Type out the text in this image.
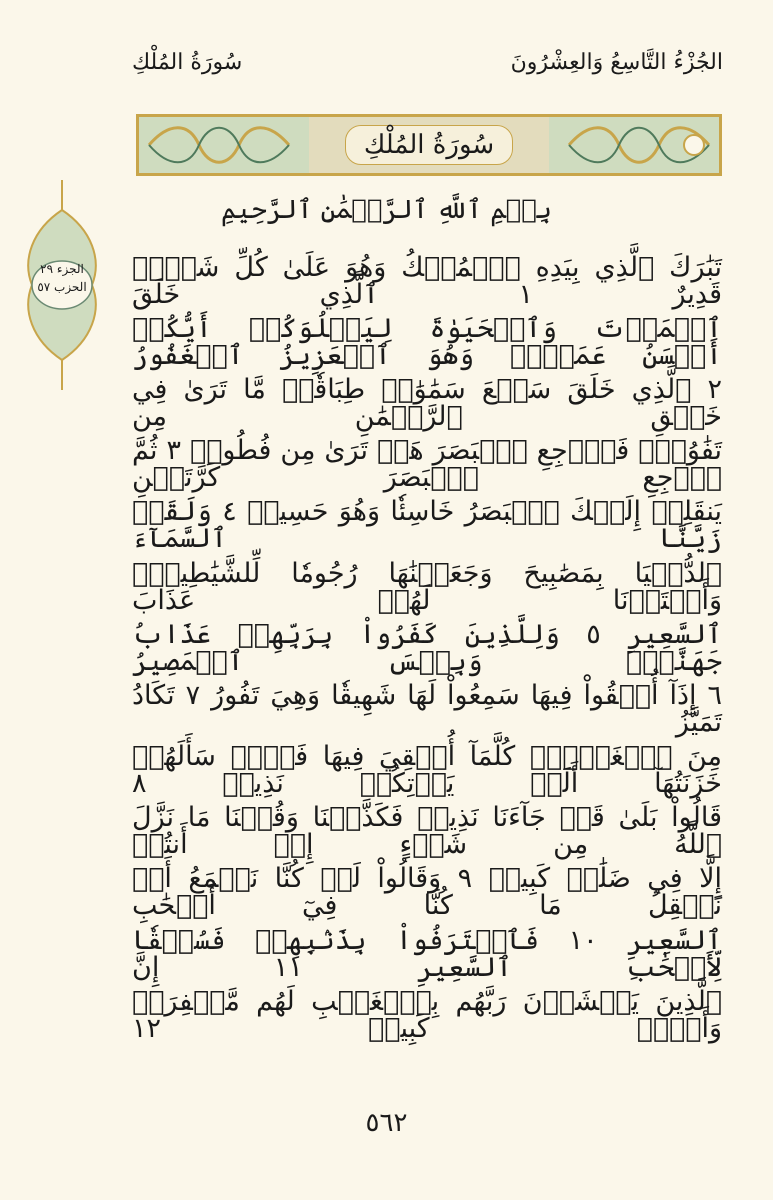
الجُزْءُ التَّاسِعُ وَالعِشْرُونَ
سُورَةُ المُلْكِ
الجزء ٢٩
الحزب ٥٧
سُورَةُ المُلْكِ
بِسۡمِ ٱللَّهِ ٱلرَّحۡمَٰنِ ٱلرَّحِيمِ
تَبَٰرَكَ ٱلَّذِي بِيَدِهِ ٱلۡمُلۡكُ وَهُوَ عَلَىٰ كُلِّ شَيۡءٖ قَدِيرٌ ١ ٱلَّذِي خَلَقَ
ٱلۡمَوۡتَ وَٱلۡحَيَوٰةَ لِيَبۡلُوَكُمۡ أَيُّكُمۡ أَحۡسَنُ عَمَلٗاۚ وَهُوَ ٱلۡعَزِيزُ ٱلۡغَفُورُ
٢ ٱلَّذِي خَلَقَ سَبۡعَ سَمَٰوَٰتٖ طِبَاقٗاۖ مَّا تَرَىٰ فِي خَلۡقِ ٱلرَّحۡمَٰنِ مِن
تَفَٰوُتٖۖ فَٱرۡجِعِ ٱلۡبَصَرَ هَلۡ تَرَىٰ مِن فُطُورٖ ٣ ثُمَّ ٱرۡجِعِ ٱلۡبَصَرَ كَرَّتَيۡنِ
يَنقَلِبۡ إِلَيۡكَ ٱلۡبَصَرُ خَاسِئٗا وَهُوَ حَسِيرٞ ٤ وَلَقَدۡ زَيَّنَّا ٱلسَّمَآءَ
ٱلدُّنۡيَا بِمَصَٰبِيحَ وَجَعَلۡنَٰهَا رُجُومٗا لِّلشَّيَٰطِينِۖ وَأَعۡتَدۡنَا لَهُمۡ عَذَابَ
ٱلسَّعِيرِ ٥ وَلِلَّذِينَ كَفَرُواْ بِرَبِّهِمۡ عَذَابُ جَهَنَّمَۖ وَبِئۡسَ ٱلۡمَصِيرُ
٦ إِذَآ أُلۡقُواْ فِيهَا سَمِعُواْ لَهَا شَهِيقٗا وَهِيَ تَفُورُ ٧ تَكَادُ تَمَيَّزُ
مِنَ ٱلۡغَيۡظِۖ كُلَّمَآ أُلۡقِيَ فِيهَا فَوۡجٞ سَأَلَهُمۡ خَزَنَتُهَآ أَلَمۡ يَأۡتِكُمۡ نَذِيرٞ ٨
قَالُواْ بَلَىٰ قَدۡ جَآءَنَا نَذِيرٞ فَكَذَّبۡنَا وَقُلۡنَا مَا نَزَّلَ ٱللَّهُ مِن شَيۡءٍ إِنۡ أَنتُمۡ
إِلَّا فِي ضَلَٰلٖ كَبِيرٖ ٩ وَقَالُواْ لَوۡ كُنَّا نَسۡمَعُ أَوۡ نَعۡقِلُ مَا كُنَّا فِيٓ أَصۡحَٰبِ
ٱلسَّعِيرِ ١٠ فَٱعۡتَرَفُواْ بِذَنۢبِهِمۡ فَسُحۡقٗا لِّأَصۡحَٰبِ ٱلسَّعِيرِ ١١ إِنَّ
ٱلَّذِينَ يَخۡشَوۡنَ رَبَّهُم بِٱلۡغَيۡبِ لَهُم مَّغۡفِرَةٞ وَأَجۡرٞ كَبِيرٞ ١٢
٥٦٢
